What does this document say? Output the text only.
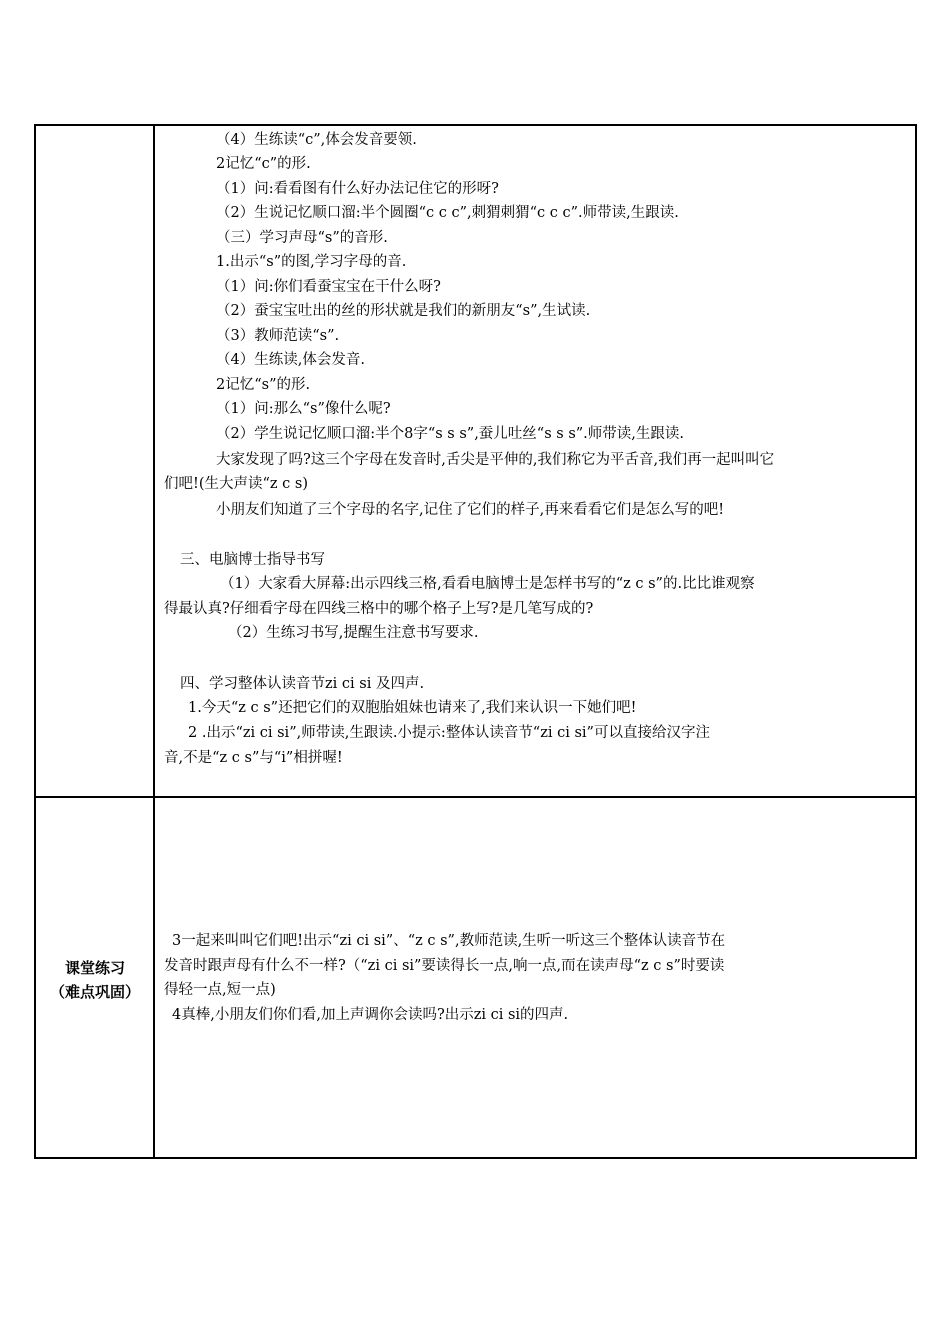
（4）生练读“c”,体会发音要领.
2记忆“c”的形.
（1）问:看看图有什么好办法记住它的形呀?
（2）生说记忆顺口溜:半个圆圈“c c c”,刺猬刺猬“c c c”.师带读,生跟读.
（三）学习声母“s”的音形.
1.出示“s”的图,学习字母的音.
（1）问:你们看蚕宝宝在干什么呀?
（2）蚕宝宝吐出的丝的形状就是我们的新朋友“s”,生试读.
（3）教师范读“s”.
（4）生练读,体会发音.
2记忆“s”的形.
（1）问:那么“s”像什么呢?
（2）学生说记忆顺口溜:半个8字“s s s”,蚕儿吐丝“s s s”.师带读,生跟读.
大家发现了吗?这三个字母在发音时,舌尖是平伸的,我们称它为平舌音,我们再一起叫叫它
们吧!(生大声读“z c s)
小朋友们知道了三个字母的名字,记住了它们的样子,再来看看它们是怎么写的吧!
三、电脑博士指导书写
（1）大家看大屏幕:出示四线三格,看看电脑博士是怎样书写的“z c s”的.比比谁观察
得最认真?仔细看字母在四线三格中的哪个格子上写?是几笔写成的?
（2）生练习书写,提醒生注意书写要求.
四、学习整体认读音节zi ci si 及四声.
1.今天“z c s”还把它们的双胞胎姐妹也请来了,我们来认识一下她们吧!
2 .出示“zi ci si”,师带读,生跟读.小提示:整体认读音节“zi ci si”可以直接给汉字注
音,不是“z c s”与“i”相拼喔!
课堂练习
（难点巩固）
3一起来叫叫它们吧!出示“zi ci si”、“z c s”,教师范读,生听一听这三个整体认读音节在
发音时跟声母有什么不一样?（“zi ci si”要读得长一点,响一点,而在读声母“z c s”时要读
得轻一点,短一点)
4真棒,小朋友们你们看,加上声调你会读吗?出示zi ci si的四声.
